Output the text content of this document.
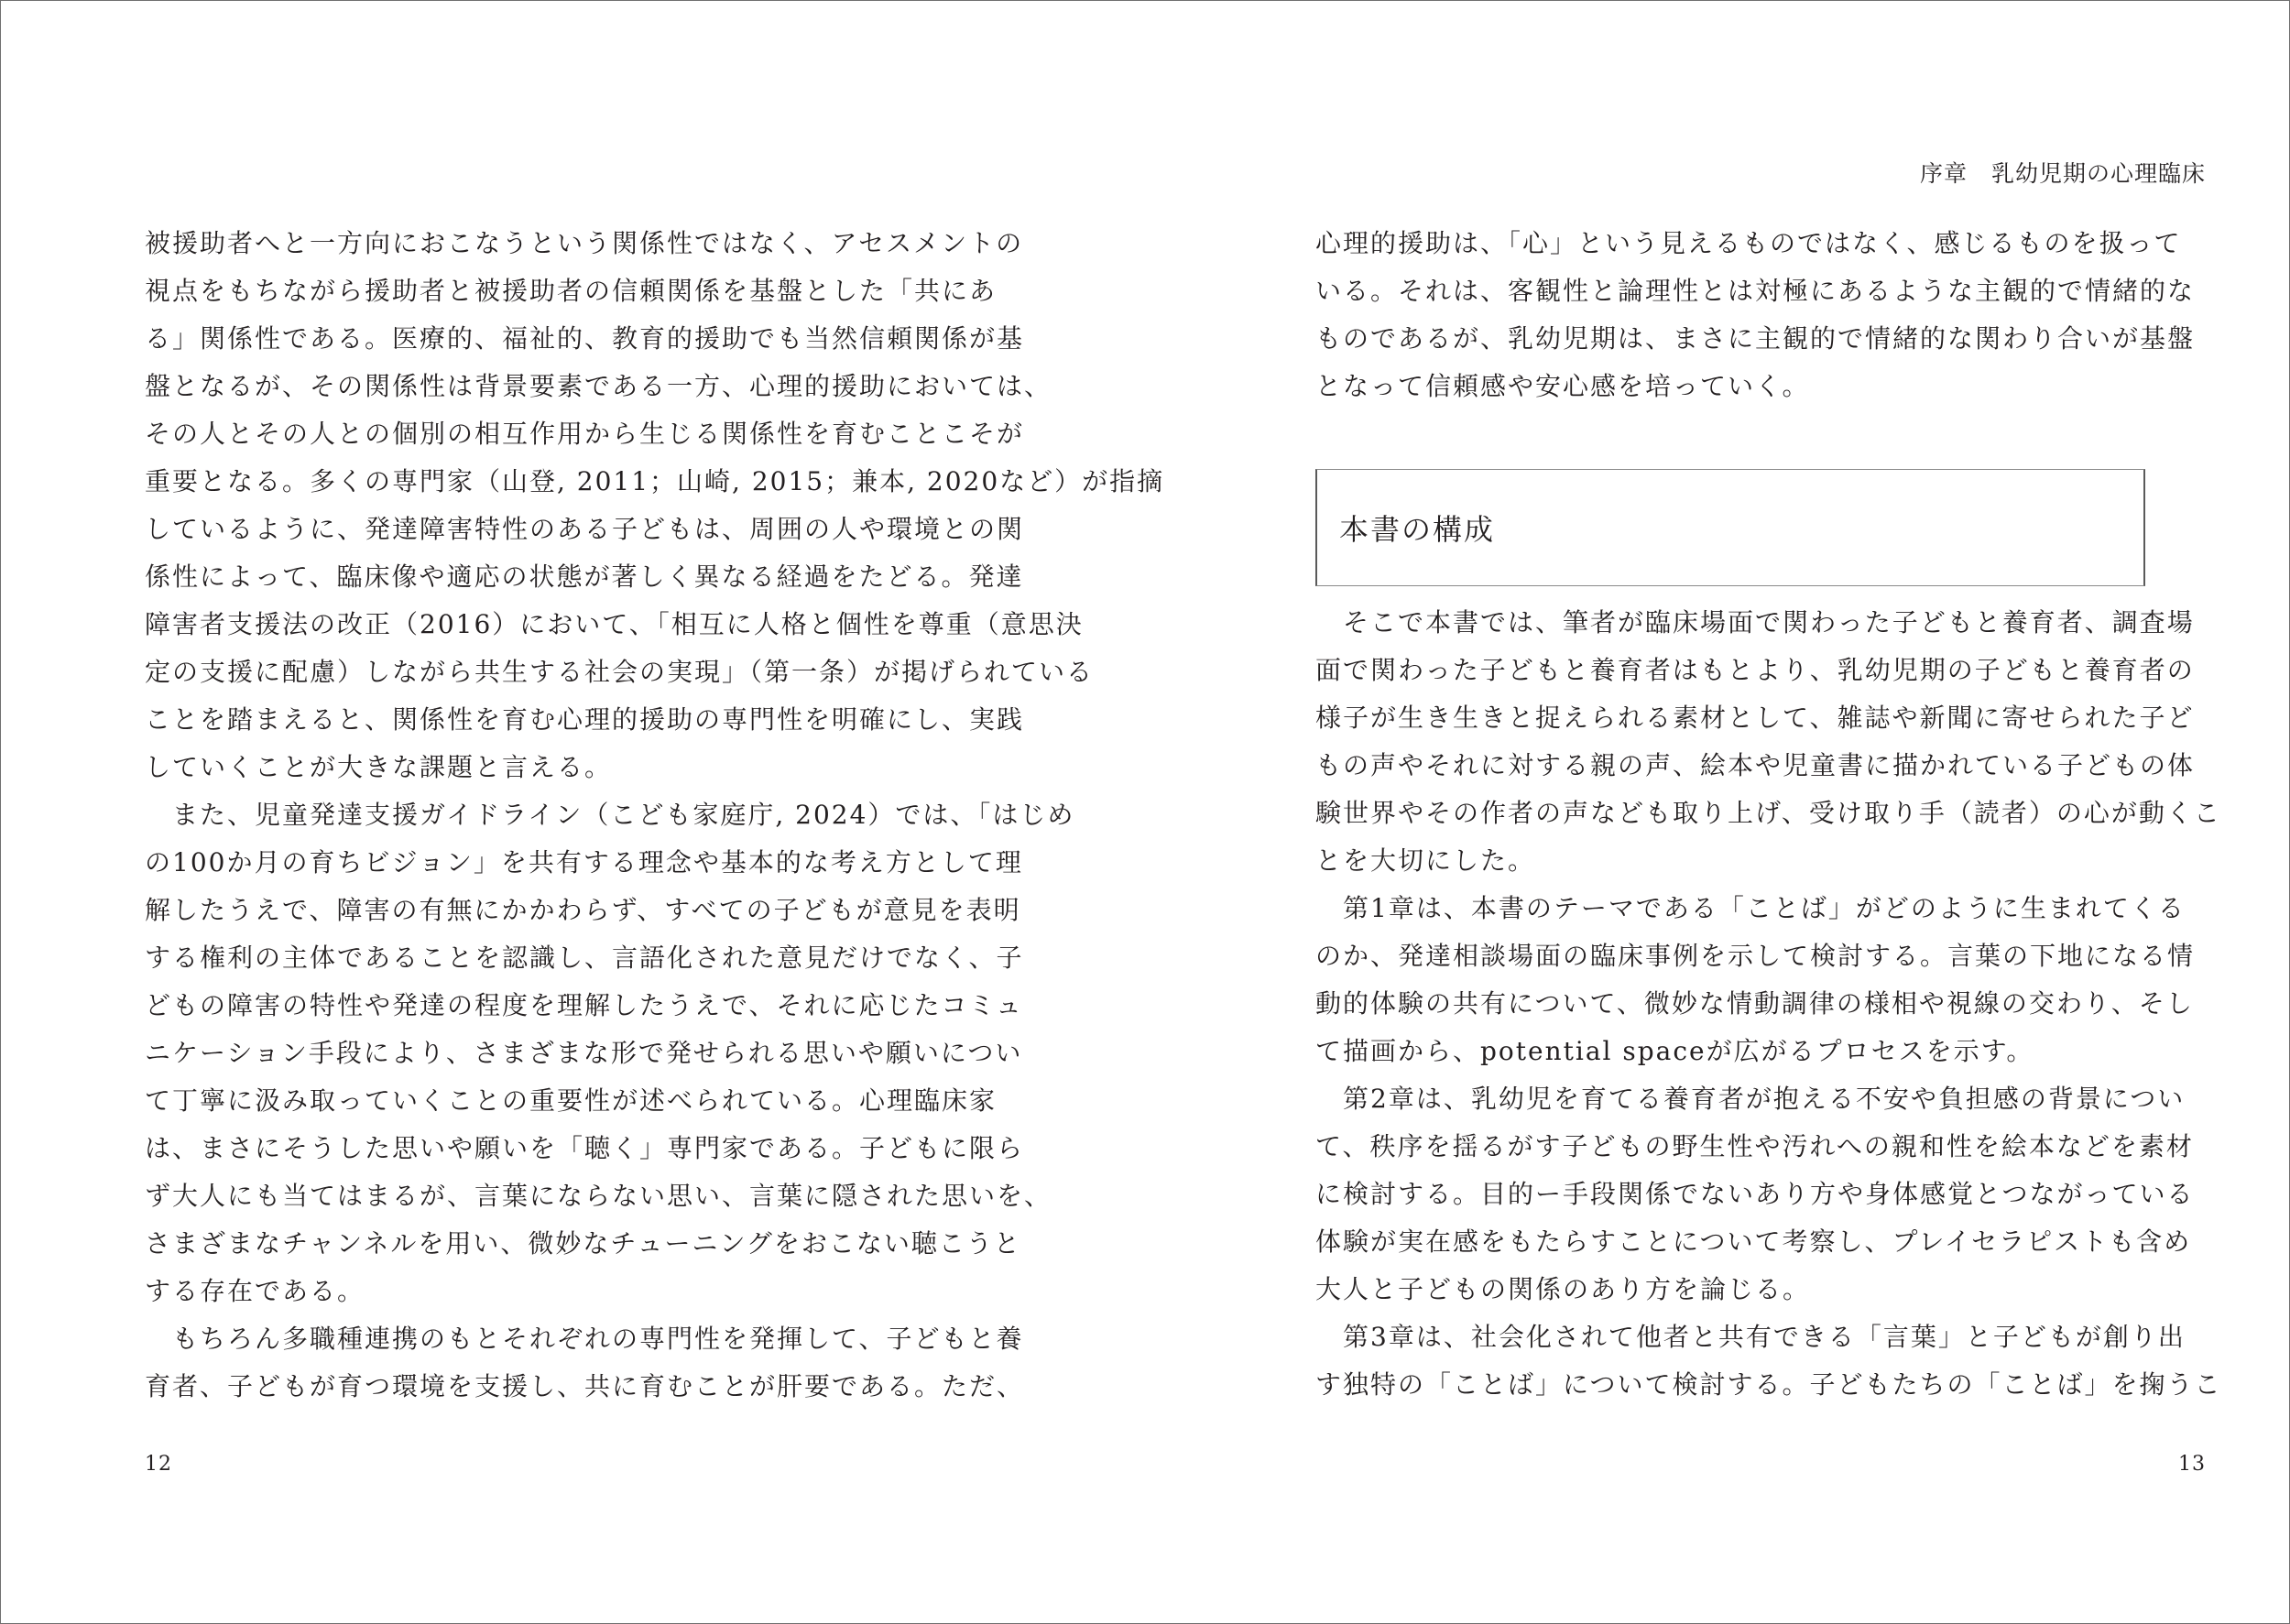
被援助者へと一方向におこなうという関係性ではなく、アセスメントの
視点をもちながら援助者と被援助者の信頼関係を基盤とした「共にあ
る」関係性である。医療的、福祉的、教育的援助でも当然信頼関係が基
盤となるが、その関係性は背景要素である一方、心理的援助においては、
その人とその人との個別の相互作用から生じる関係性を育むことこそが
重要となる。多くの専門家（山登, 2011；山崎, 2015；兼本, 2020など）が指摘
しているように、発達障害特性のある子どもは、周囲の人や環境との関
係性によって、臨床像や適応の状態が著しく異なる経過をたどる。発達
障害者支援法の改正（2016）において、「相互に人格と個性を尊重（意思決
定の支援に配慮）しながら共生する社会の実現」（第一条）が掲げられている
ことを踏まえると、関係性を育む心理的援助の専門性を明確にし、実践
していくことが大きな課題と言える。
　また、児童発達支援ガイドライン（こども家庭庁, 2024）では、「はじめ
の100か月の育ちビジョン」を共有する理念や基本的な考え方として理
解したうえで、障害の有無にかかわらず、すべての子どもが意見を表明
する権利の主体であることを認識し、言語化された意見だけでなく、子
どもの障害の特性や発達の程度を理解したうえで、それに応じたコミュ
ニケーション手段により、さまざまな形で発せられる思いや願いについ
て丁寧に汲み取っていくことの重要性が述べられている。心理臨床家
は、まさにそうした思いや願いを「聴く」専門家である。子どもに限ら
ず大人にも当てはまるが、言葉にならない思い、言葉に隠された思いを、
さまざまなチャンネルを用い、微妙なチューニングをおこない聴こうと
する存在である。
　もちろん多職種連携のもとそれぞれの専門性を発揮して、子どもと養
育者、子どもが育つ環境を支援し、共に育むことが肝要である。ただ、
12
序章　乳幼児期の心理臨床
心理的援助は、「心」という見えるものではなく、感じるものを扱って
いる。それは、客観性と論理性とは対極にあるような主観的で情緒的な
ものであるが、乳幼児期は、まさに主観的で情緒的な関わり合いが基盤
となって信頼感や安心感を培っていく。
本書の構成
　そこで本書では、筆者が臨床場面で関わった子どもと養育者、調査場
面で関わった子どもと養育者はもとより、乳幼児期の子どもと養育者の
様子が生き生きと捉えられる素材として、雑誌や新聞に寄せられた子ど
もの声やそれに対する親の声、絵本や児童書に描かれている子どもの体
験世界やその作者の声なども取り上げ、受け取り手（読者）の心が動くこ
とを大切にした。
　第1章は、本書のテーマである「ことば」がどのように生まれてくる
のか、発達相談場面の臨床事例を示して検討する。言葉の下地になる情
動的体験の共有について、微妙な情動調律の様相や視線の交わり、そし
て描画から、potential spaceが広がるプロセスを示す。
　第2章は、乳幼児を育てる養育者が抱える不安や負担感の背景につい
て、秩序を揺るがす子どもの野生性や汚れへの親和性を絵本などを素材
に検討する。目的ー手段関係でないあり方や身体感覚とつながっている
体験が実在感をもたらすことについて考察し、プレイセラピストも含め
大人と子どもの関係のあり方を論じる。
　第3章は、社会化されて他者と共有できる「言葉」と子どもが創り出
す独特の「ことば」について検討する。子どもたちの「ことば」を掬うこ
13
